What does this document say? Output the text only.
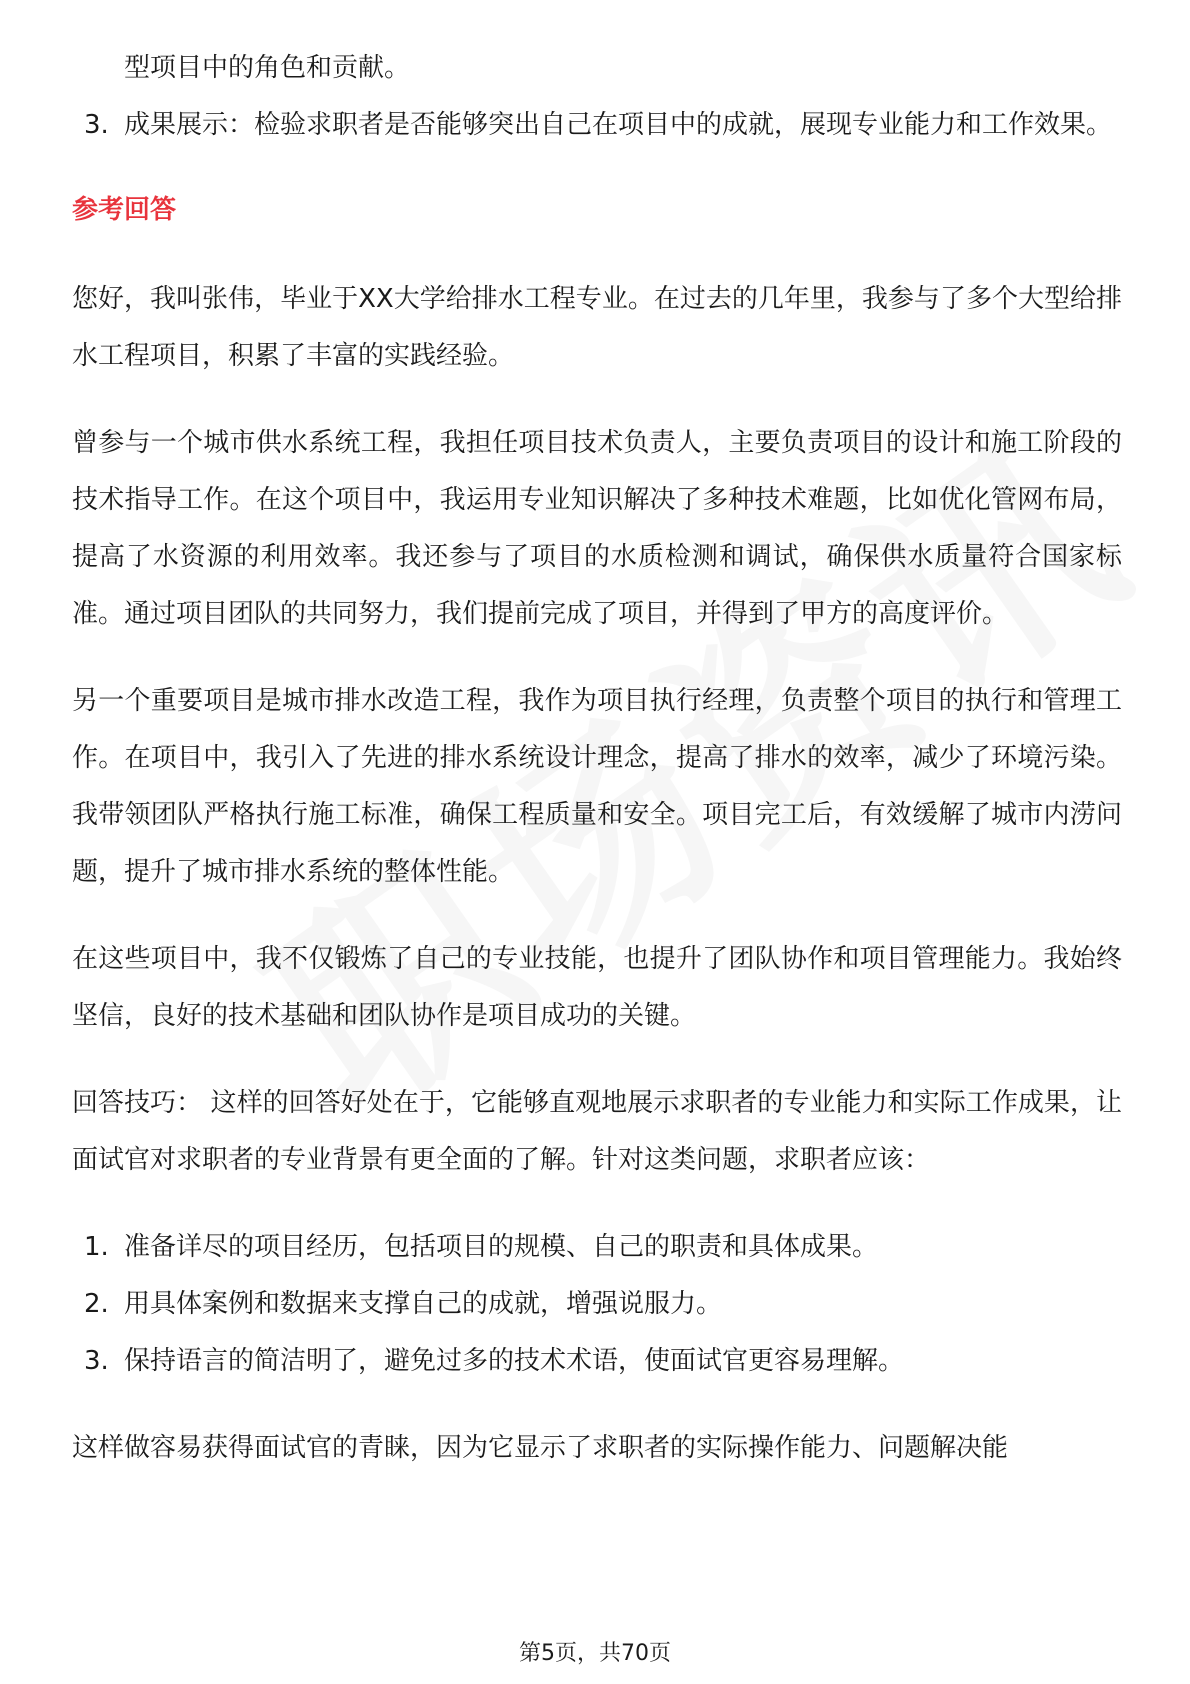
型项目中的角色和贡献。
3. 成果展示：检验求职者是否能够突出自己在项目中的成就，展现专业能力和工作效果。
参考回答

您好，我叫张伟，毕业于XX大学给排水工程专业。在过去的几年里，我参与了多个大型给排水工程项目，积累了丰富的实践经验。

曾参与一个城市供水系统工程，我担任项目技术负责人，主要负责项目的设计和施工阶段的技术指导工作。在这个项目中，我运用专业知识解决了多种技术难题，比如优化管网布局，提高了水资源的利用效率。我还参与了项目的水质检测和调试，确保供水质量符合国家标准。通过项目团队的共同努力，我们提前完成了项目，并得到了甲方的高度评价。

另一个重要项目是城市排水改造工程，我作为项目执行经理，负责整个项目的执行和管理工作。在项目中，我引入了先进的排水系统设计理念，提高了排水的效率，减少了环境污染。我带领团队严格执行施工标准，确保工程质量和安全。项目完工后，有效缓解了城市内涝问题，提升了城市排水系统的整体性能。

在这些项目中，我不仅锻炼了自己的专业技能，也提升了团队协作和项目管理能力。我始终坚信，良好的技术基础和团队协作是项目成功的关键。

回答技巧： 这样的回答好处在于，它能够直观地展示求职者的专业能力和实际工作成果，让面试官对求职者的专业背景有更全面的了解。针对这类问题，求职者应该：

1. 准备详尽的项目经历，包括项目的规模、自己的职责和具体成果。
2. 用具体案例和数据来支撑自己的成就，增强说服力。
3. 保持语言的简洁明了，避免过多的技术术语，使面试官更容易理解。

这样做容易获得面试官的青睐，因为它显示了求职者的实际操作能力、问题解决能

第5页，共70页
